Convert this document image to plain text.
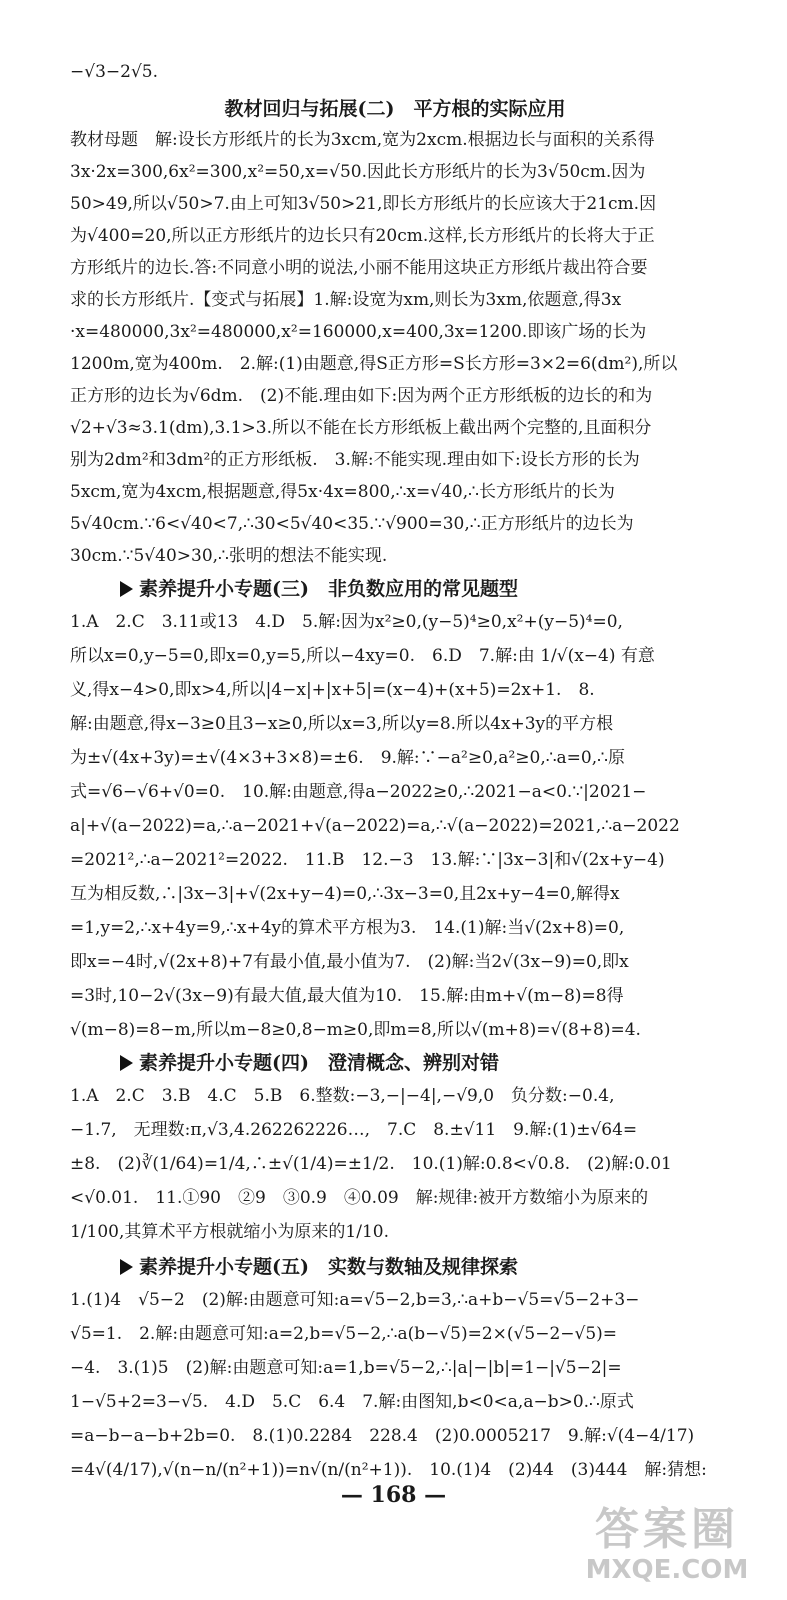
−√3−2√5.
教材回归与拓展(二)　平方根的实际应用
教材母题　解:设长方形纸片的长为3xcm,宽为2xcm.根据边长与面积的关系得
3x·2x=300,6x²=300,x²=50,x=√50.因此长方形纸片的长为3√50cm.因为
50>49,所以√50>7.由上可知3√50>21,即长方形纸片的长应该大于21cm.因
为√400=20,所以正方形纸片的边长只有20cm.这样,长方形纸片的长将大于正
方形纸片的边长.答:不同意小明的说法,小丽不能用这块正方形纸片裁出符合要
求的长方形纸片.【变式与拓展】1.解:设宽为xm,则长为3xm,依题意,得3x
·x=480000,3x²=480000,x²=160000,x=400,3x=1200.即该广场的长为
1200m,宽为400m.　2.解:(1)由题意,得S正方形=S长方形=3×2=6(dm²),所以
正方形的边长为√6dm.　(2)不能.理由如下:因为两个正方形纸板的边长的和为
√2+√3≈3.1(dm),3.1>3.所以不能在长方形纸板上截出两个完整的,且面积分
别为2dm²和3dm²的正方形纸板.　3.解:不能实现.理由如下:设长方形的长为
5xcm,宽为4xcm,根据题意,得5x·4x=800,∴x=√40,∴长方形纸片的长为
5√40cm.∵6<√40<7,∴30<5√40<35.∵√900=30,∴正方形纸片的边长为
30cm.∵5√40>30,∴张明的想法不能实现.
素养提升小专题(三)　非负数应用的常见题型
1.A　2.C　3.11或13　4.D　5.解:因为x²≥0,(y−5)⁴≥0,x²+(y−5)⁴=0,
所以x=0,y−5=0,即x=0,y=5,所以−4xy=0.　6.D　7.解:由 1/√(x−4) 有意
义,得x−4>0,即x>4,所以|4−x|+|x+5|=(x−4)+(x+5)=2x+1.　8.
解:由题意,得x−3≥0且3−x≥0,所以x=3,所以y=8.所以4x+3y的平方根
为±√(4x+3y)=±√(4×3+3×8)=±6.　9.解:∵−a²≥0,a²≥0,∴a=0,∴原
式=√6−√6+√0=0.　10.解:由题意,得a−2022≥0,∴2021−a<0.∵|2021−
a|+√(a−2022)=a,∴a−2021+√(a−2022)=a,∴√(a−2022)=2021,∴a−2022
=2021²,∴a−2021²=2022.　11.B　12.−3　13.解:∵|3x−3|和√(2x+y−4)
互为相反数,∴|3x−3|+√(2x+y−4)=0,∴3x−3=0,且2x+y−4=0,解得x
=1,y=2,∴x+4y=9,∴x+4y的算术平方根为3.　14.(1)解:当√(2x+8)=0,
即x=−4时,√(2x+8)+7有最小值,最小值为7.　(2)解:当2√(3x−9)=0,即x
=3时,10−2√(3x−9)有最大值,最大值为10.　15.解:由m+√(m−8)=8得
√(m−8)=8−m,所以m−8≥0,8−m≥0,即m=8,所以√(m+8)=√(8+8)=4.
素养提升小专题(四)　澄清概念、辨别对错
1.A　2.C　3.B　4.C　5.B　6.整数:−3,−|−4|,−√9,0　负分数:−0.4,
−1.7,　无理数:π,√3,4.262262226…,　7.C　8.±√11　9.解:(1)±√64=
±8.　(2)∛(1/64)=1/4,∴±√(1/4)=±1/2.　10.(1)解:0.8<√0.8.　(2)解:0.01
<√0.01.　11.①90　②9　③0.9　④0.09　解:规律:被开方数缩小为原来的
1/100,其算术平方根就缩小为原来的1/10.
素养提升小专题(五)　实数与数轴及规律探索
1.(1)4　√5−2　(2)解:由题意可知:a=√5−2,b=3,∴a+b−√5=√5−2+3−
√5=1.　2.解:由题意可知:a=2,b=√5−2,∴a(b−√5)=2×(√5−2−√5)=
−4.　3.(1)5　(2)解:由题意可知:a=1,b=√5−2,∴|a|−|b|=1−|√5−2|=
1−√5+2=3−√5.　4.D　5.C　6.4　7.解:由图知,b<0<a,a−b>0.∴原式
=a−b−a−b+2b=0.　8.(1)0.2284　228.4　(2)0.0005217　9.解:√(4−4/17)
=4√(4/17),√(n−n/(n²+1))=n√(n/(n²+1)).　10.(1)4　(2)44　(3)444　解:猜想:
— 168 —
答案圈
MXQE.COM
